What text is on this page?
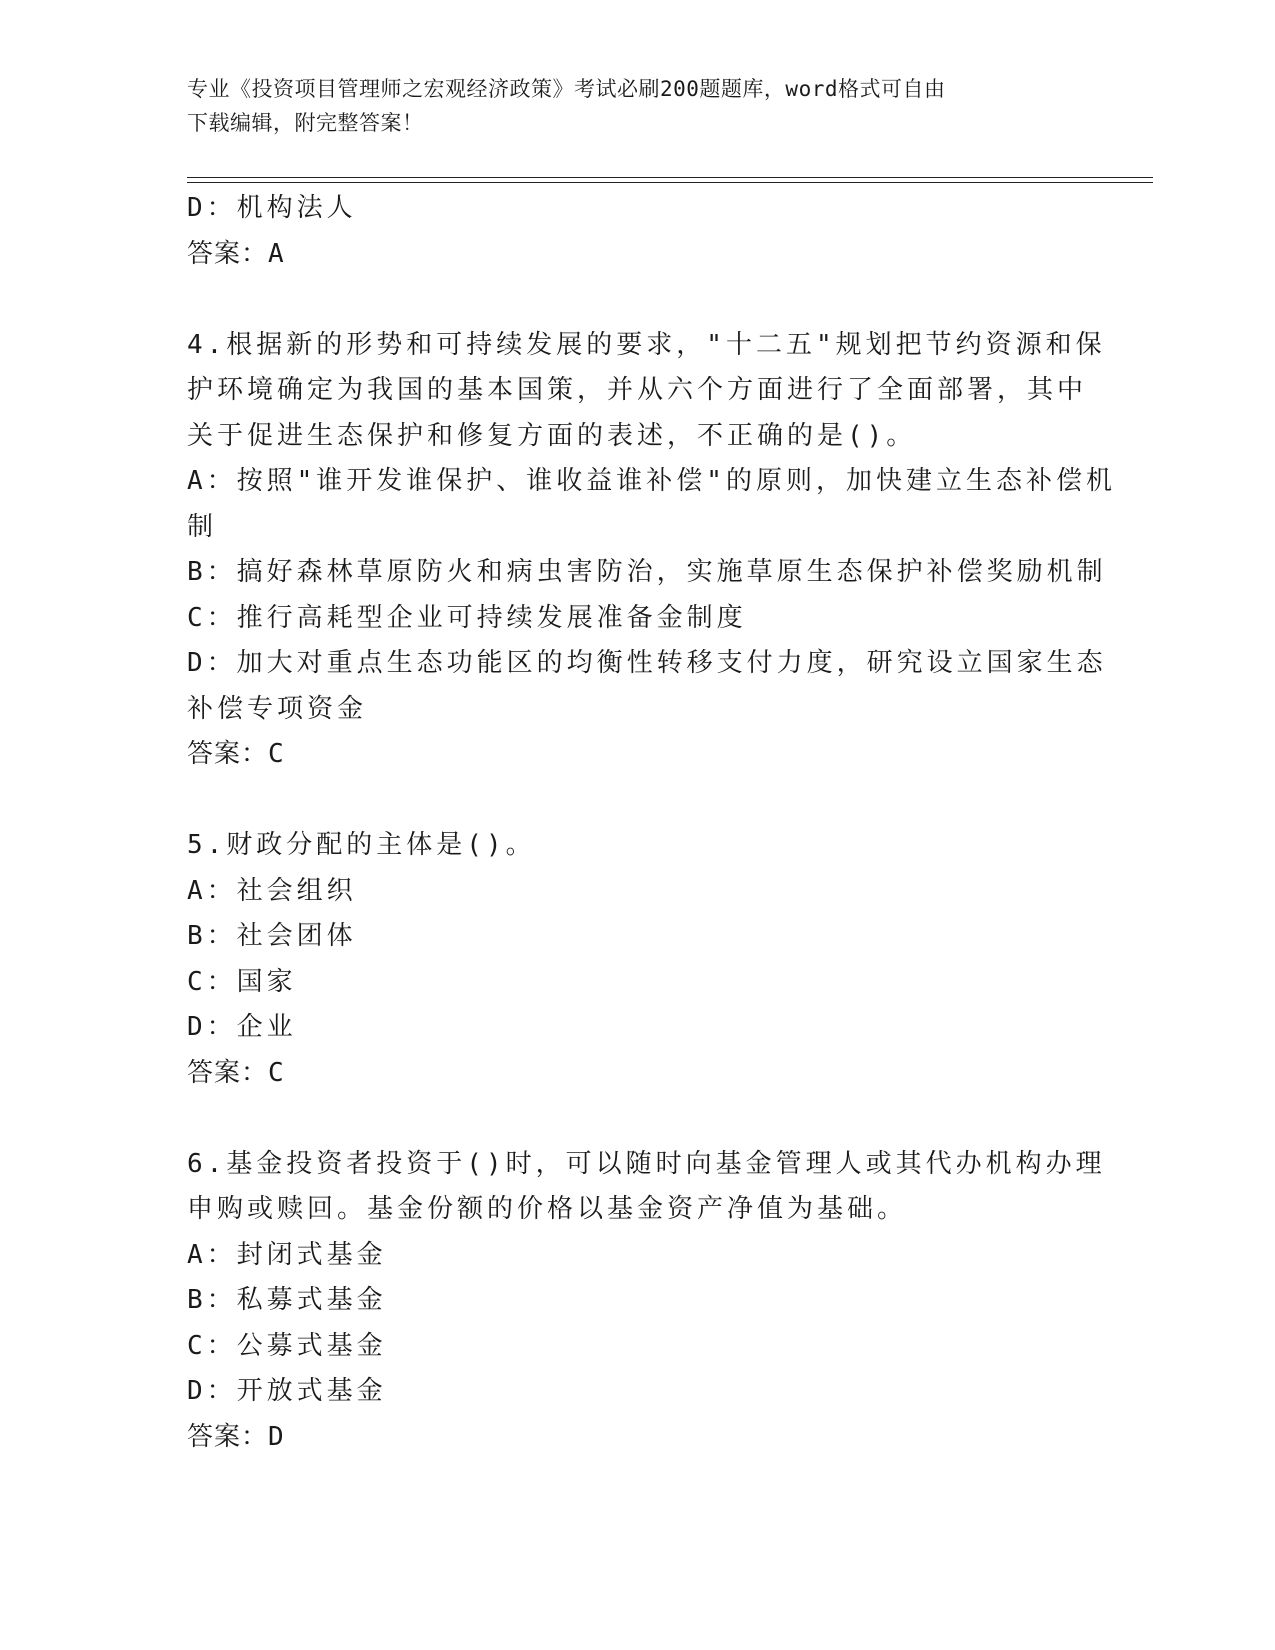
专业《投资项目管理师之宏观经济政策》考试必刷200题题库，word格式可自由
下载编辑，附完整答案！
D：机构法人
答案：A
4.根据新的形势和可持续发展的要求，"十二五"规划把节约资源和保
护环境确定为我国的基本国策，并从六个方面进行了全面部署，其中
关于促进生态保护和修复方面的表述，不正确的是()。
A：按照"谁开发谁保护、谁收益谁补偿"的原则，加快建立生态补偿机
制
B：搞好森林草原防火和病虫害防治，实施草原生态保护补偿奖励机制
C：推行高耗型企业可持续发展准备金制度
D：加大对重点生态功能区的均衡性转移支付力度，研究设立国家生态
补偿专项资金
答案：C
5.财政分配的主体是()。
A：社会组织
B：社会团体
C：国家
D：企业
答案：C
6.基金投资者投资于()时，可以随时向基金管理人或其代办机构办理
申购或赎回。基金份额的价格以基金资产净值为基础。
A：封闭式基金
B：私募式基金
C：公募式基金
D：开放式基金
答案：D
